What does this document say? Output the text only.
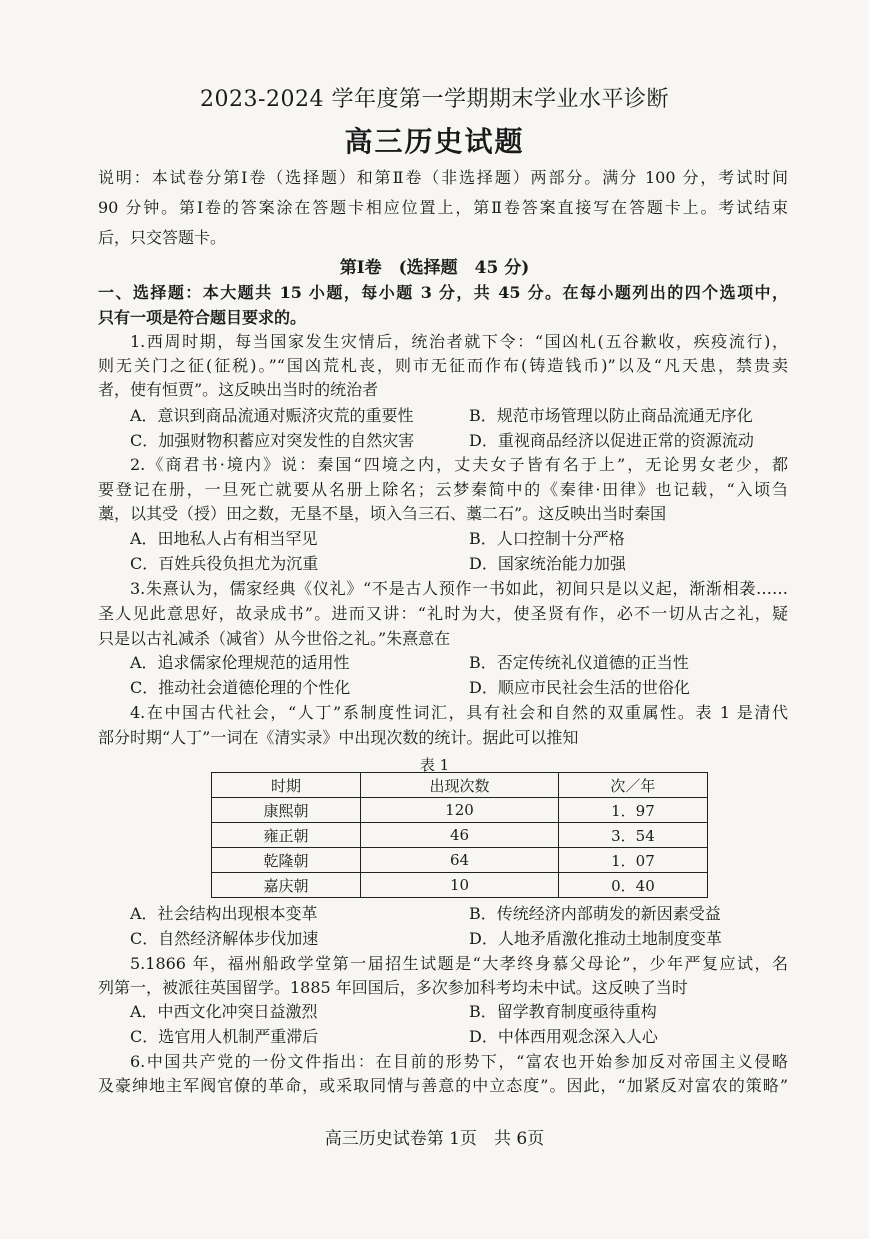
2023-2024 学年度第一学期期末学业水平诊断
高三历史试题
说明：本试卷分第Ⅰ卷（选择题）和第Ⅱ卷（非选择题）两部分。满分 100 分，考试时间
90 分钟。第Ⅰ卷的答案涂在答题卡相应位置上，第Ⅱ卷答案直接写在答题卡上。考试结束
后，只交答题卡。
第Ⅰ卷　(选择题　45 分)
一、选择题：本大题共 15 小题，每小题 3 分，共 45 分。在每小题列出的四个选项中，
只有一项是符合题目要求的。
1.西周时期，每当国家发生灾情后，统治者就下令：“国凶札(五谷歉收，疾疫流行)，
则无关门之征(征税)。”“国凶荒札丧，则市无征而作布(铸造钱币)”以及“凡天患，禁贵卖
者，使有恒贾”。这反映出当时的统治者
A．意识到商品流通对赈济灾荒的重要性	B．规范市场管理以防止商品流通无序化
C．加强财物积蓄应对突发性的自然灾害	D．重视商品经济以促进正常的资源流动
2.《商君书·境内》说：秦国“四境之内，丈夫女子皆有名于上”，无论男女老少，都
要登记在册，一旦死亡就要从名册上除名；云梦秦简中的《秦律·田律》也记载，“入顷刍
藁，以其受（授）田之数，无垦不垦，顷入刍三石、藁二石”。这反映出当时秦国
A．田地私人占有相当罕见	B．人口控制十分严格
C．百姓兵役负担尤为沉重	D．国家统治能力加强
3.朱熹认为，儒家经典《仪礼》“不是古人预作一书如此，初间只是以义起，渐渐相袭……
圣人见此意思好，故录成书”。进而又讲：“礼时为大，使圣贤有作，必不一切从古之礼，疑
只是以古礼减杀（减省）从今世俗之礼。”朱熹意在
A．追求儒家伦理规范的适用性	B．否定传统礼仪道德的正当性
C．推动社会道德伦理的个性化	D．顺应市民社会生活的世俗化
4.在中国古代社会，“人丁”系制度性词汇，具有社会和自然的双重属性。表 1 是清代
部分时期“人丁”一词在《清实录》中出现次数的统计。据此可以推知
表 1
时期	出现次数	次／年
康熙朝	120	1．97
雍正朝	46	3．54
乾隆朝	64	1．07
嘉庆朝	10	0．40
A．社会结构出现根本变革	B．传统经济内部萌发的新因素受益
C．自然经济解体步伐加速	D．人地矛盾激化推动土地制度变革
5.1866 年，福州船政学堂第一届招生试题是“大孝终身慕父母论”，少年严复应试，名
列第一，被派往英国留学。1885 年回国后，多次参加科考均未中试。这反映了当时
A．中西文化冲突日益激烈	B．留学教育制度亟待重构
C．选官用人机制严重滞后	D．中体西用观念深入人心
6.中国共产党的一份文件指出：在目前的形势下，“富农也开始参加反对帝国主义侵略
及豪绅地主军阀官僚的革命，或采取同情与善意的中立态度”。因此，“加紧反对富农的策略”
高三历史试卷第 1页　共 6页
